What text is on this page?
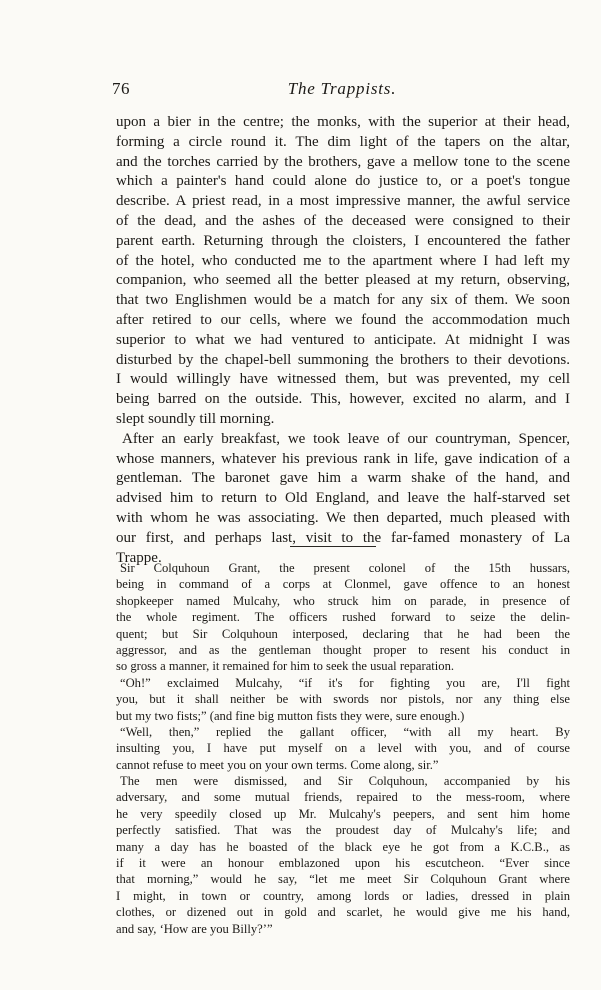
76	The Trappists.
upon a bier in the centre; the monks, with the superior at their head,
forming a circle round it. The dim light of the tapers on the altar,
and the torches carried by the brothers, gave a mellow tone to the scene
which a painter's hand could alone do justice to, or a poet's tongue
describe. A priest read, in a most impressive manner, the awful service
of the dead, and the ashes of the deceased were consigned to their
parent earth. Returning through the cloisters, I encountered the father
of the hotel, who conducted me to the apartment where I had left my
companion, who seemed all the better pleased at my return, observing,
that two Englishmen would be a match for any six of them. We soon
after retired to our cells, where we found the accommodation much
superior to what we had ventured to anticipate. At midnight I was
disturbed by the chapel-bell summoning the brothers to their devotions.
I would willingly have witnessed them, but was prevented, my cell
being barred on the outside. This, however, excited no alarm, and I
slept soundly till morning.
After an early breakfast, we took leave of our countryman, Spencer,
whose manners, whatever his previous rank in life, gave indication of a
gentleman. The baronet gave him a warm shake of the hand, and
advised him to return to Old England, and leave the half-starved set
with whom he was associating. We then departed, much pleased with
our first, and perhaps last, visit to the far-famed monastery of La
Trappe.
Sir Colquhoun Grant, the present colonel of the 15th hussars,
being in command of a corps at Clonmel, gave offence to an honest
shopkeeper named Mulcahy, who struck him on parade, in presence of
the whole regiment. The officers rushed forward to seize the delin-
quent; but Sir Colquhoun interposed, declaring that he had been the
aggressor, and as the gentleman thought proper to resent his conduct in
so gross a manner, it remained for him to seek the usual reparation.
“Oh!” exclaimed Mulcahy, “if it's for fighting you are, I'll fight
you, but it shall neither be with swords nor pistols, nor any thing else
but my two fists;” (and fine big mutton fists they were, sure enough.)
“Well, then,” replied the gallant officer, “with all my heart. By
insulting you, I have put myself on a level with you, and of course
cannot refuse to meet you on your own terms. Come along, sir.”
The men were dismissed, and Sir Colquhoun, accompanied by his
adversary, and some mutual friends, repaired to the mess-room, where
he very speedily closed up Mr. Mulcahy's peepers, and sent him home
perfectly satisfied. That was the proudest day of Mulcahy's life; and
many a day has he boasted of the black eye he got from a K.C.B., as
if it were an honour emblazoned upon his escutcheon. “Ever since
that morning,” would he say, “let me meet Sir Colquhoun Grant where
I might, in town or country, among lords or ladies, dressed in plain
clothes, or dizened out in gold and scarlet, he would give me his hand,
and say, ‘How are you Billy?’”
